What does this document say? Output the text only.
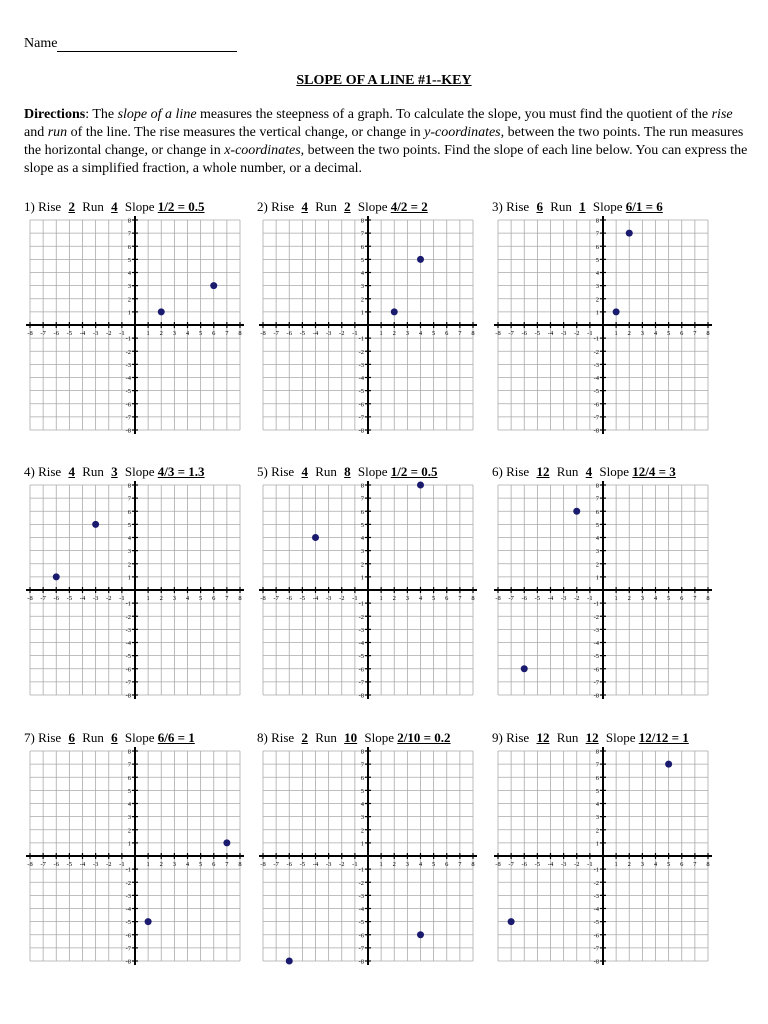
Name
SLOPE OF A LINE #1--KEY
Directions: The slope of a line measures the steepness of a graph. To calculate the slope, you must find the quotient of the rise and run of the line. The rise measures the vertical change, or change in y-coordinates, between the two points. The run measures the horizontal change, or change in x-coordinates, between the two points. Find the slope of each line below. You can express the slope as a simplified fraction, a whole number, or a decimal.
1) Rise 2 Run 4 Slope 1/2 = 0.5
-8
-8
-7
-7
-6
-6
-5
-5
-4
-4
-3
-3
-2
-2
-1
-1
1
1
2
2
3
3
4
4
5
5
6
6
7
7
8
8
2) Rise 4 Run 2 Slope 4/2 = 2
-8
-8
-7
-7
-6
-6
-5
-5
-4
-4
-3
-3
-2
-2
-1
-1
1
1
2
2
3
3
4
4
5
5
6
6
7
7
8
8
3) Rise 6 Run 1 Slope 6/1 = 6
-8
-8
-7
-7
-6
-6
-5
-5
-4
-4
-3
-3
-2
-2
-1
-1
1
1
2
2
3
3
4
4
5
5
6
6
7
7
8
8
4) Rise 4 Run 3 Slope 4/3 = 1.3
-8
-8
-7
-7
-6
-6
-5
-5
-4
-4
-3
-3
-2
-2
-1
-1
1
1
2
2
3
3
4
4
5
5
6
6
7
7
8
8
5) Rise 4 Run 8 Slope 1/2 = 0.5
-8
-8
-7
-7
-6
-6
-5
-5
-4
-4
-3
-3
-2
-2
-1
-1
1
1
2
2
3
3
4
4
5
5
6
6
7
7
8
8
6) Rise 12 Run 4 Slope 12/4 = 3
-8
-8
-7
-7
-6
-6
-5
-5
-4
-4
-3
-3
-2
-2
-1
-1
1
1
2
2
3
3
4
4
5
5
6
6
7
7
8
8
7) Rise 6 Run 6 Slope 6/6 = 1
-8
-8
-7
-7
-6
-6
-5
-5
-4
-4
-3
-3
-2
-2
-1
-1
1
1
2
2
3
3
4
4
5
5
6
6
7
7
8
8
8) Rise 2 Run 10 Slope 2/10 = 0.2
-8
-8
-7
-7
-6
-6
-5
-5
-4
-4
-3
-3
-2
-2
-1
-1
1
1
2
2
3
3
4
4
5
5
6
6
7
7
8
8
9) Rise 12 Run 12 Slope 12/12 = 1
-8
-8
-7
-7
-6
-6
-5
-5
-4
-4
-3
-3
-2
-2
-1
-1
1
1
2
2
3
3
4
4
5
5
6
6
7
7
8
8
